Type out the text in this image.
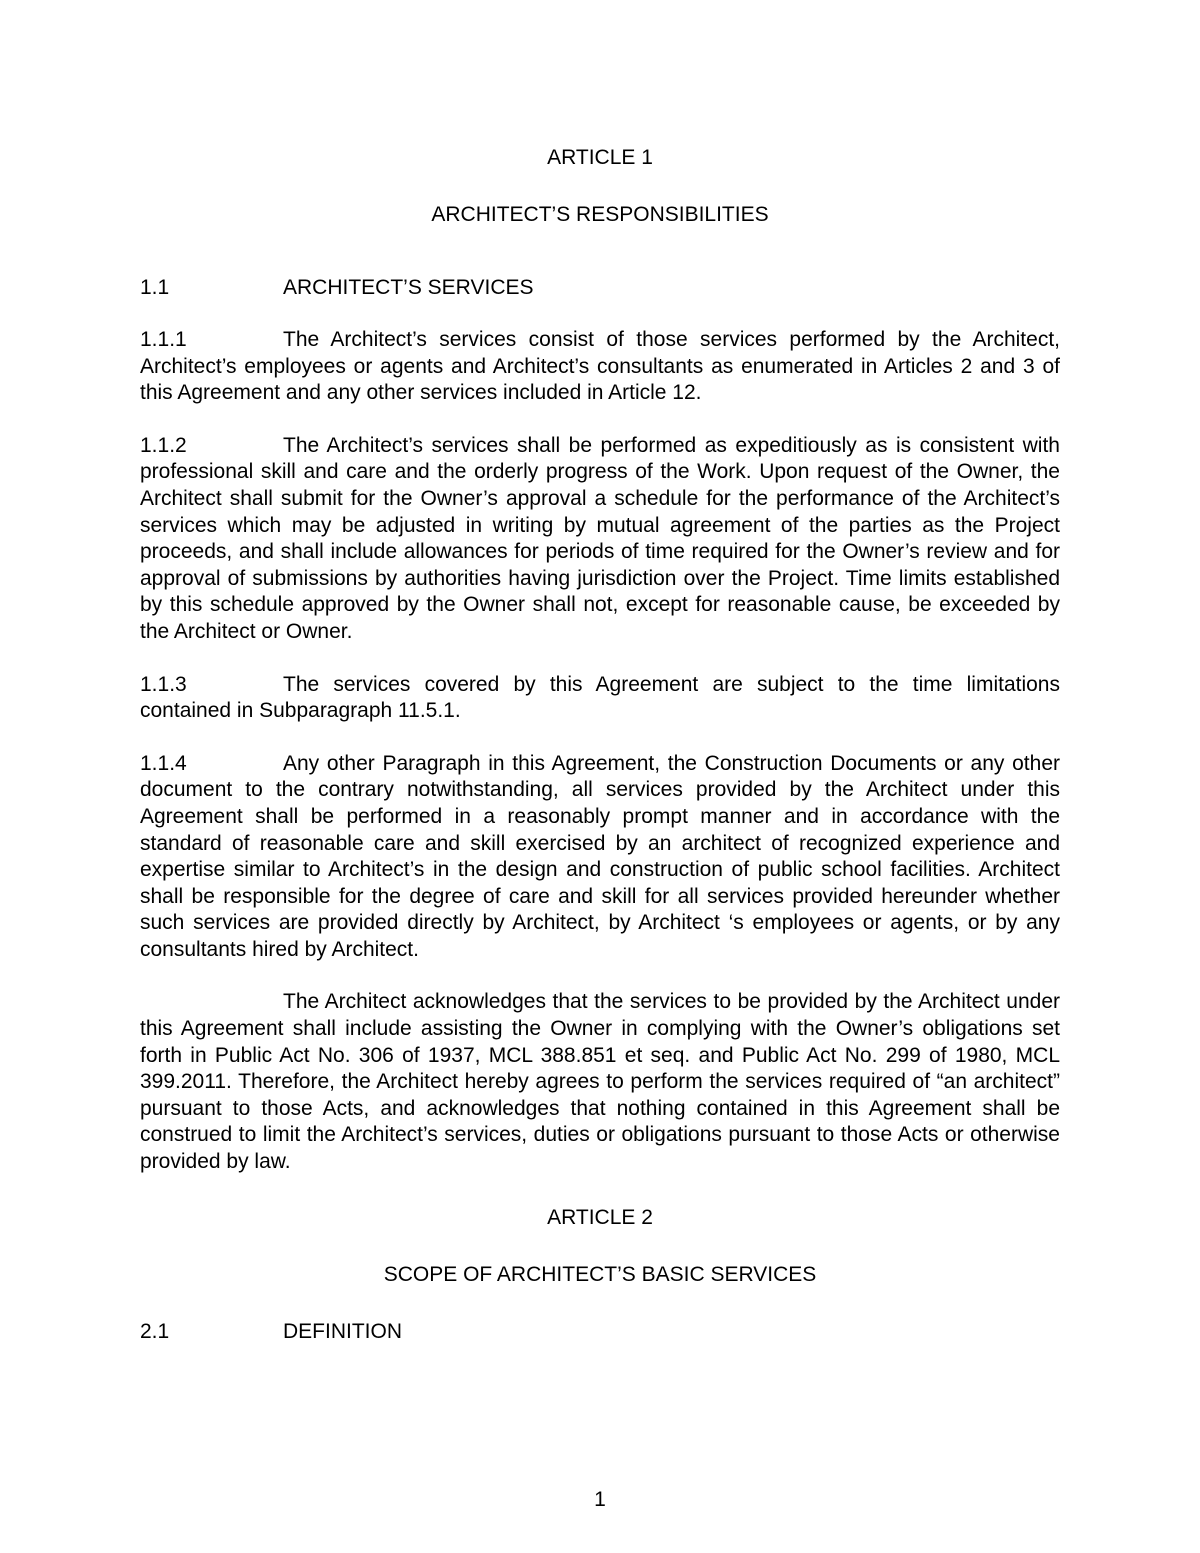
ARTICLE 1

ARCHITECT’S RESPONSIBILITIES

1.1	ARCHITECT’S SERVICES

1.1.1	The Architect’s services consist of those services performed by the Architect, Architect’s employees or agents and Architect’s consultants as enumerated in Articles 2 and 3 of this Agreement and any other services included in Article 12.

1.1.2	The Architect’s services shall be performed as expeditiously as is consistent with professional skill and care and the orderly progress of the Work. Upon request of the Owner, the Architect shall submit for the Owner’s approval a schedule for the performance of the Architect’s services which may be adjusted in writing by mutual agreement of the parties as the Project proceeds, and shall include allowances for periods of time required for the Owner’s review and for approval of submissions by authorities having jurisdiction over the Project. Time limits established by this schedule approved by the Owner shall not, except for reasonable cause, be exceeded by the Architect or Owner.

1.1.3	The services covered by this Agreement are subject to the time limitations contained in Subparagraph 11.5.1.

1.1.4	Any other Paragraph in this Agreement, the Construction Documents or any other document to the contrary notwithstanding, all services provided by the Architect under this Agreement shall be performed in a reasonably prompt manner and in accordance with the standard of reasonable care and skill exercised by an architect of recognized experience and expertise similar to Architect’s in the design and construction of public school facilities. Architect shall be responsible for the degree of care and skill for all services provided hereunder whether such services are provided directly by Architect, by Architect ‘s employees or agents, or by any consultants hired by Architect.

The Architect acknowledges that the services to be provided by the Architect under this Agreement shall include assisting the Owner in complying with the Owner’s obligations set forth in Public Act No. 306 of 1937, MCL 388.851 et seq. and Public Act No. 299 of 1980, MCL 399.2011. Therefore, the Architect hereby agrees to perform the services required of “an architect” pursuant to those Acts, and acknowledges that nothing contained in this Agreement shall be construed to limit the Architect’s services, duties or obligations pursuant to those Acts or otherwise provided by law.

ARTICLE 2

SCOPE OF ARCHITECT’S BASIC SERVICES

2.1	DEFINITION
1
